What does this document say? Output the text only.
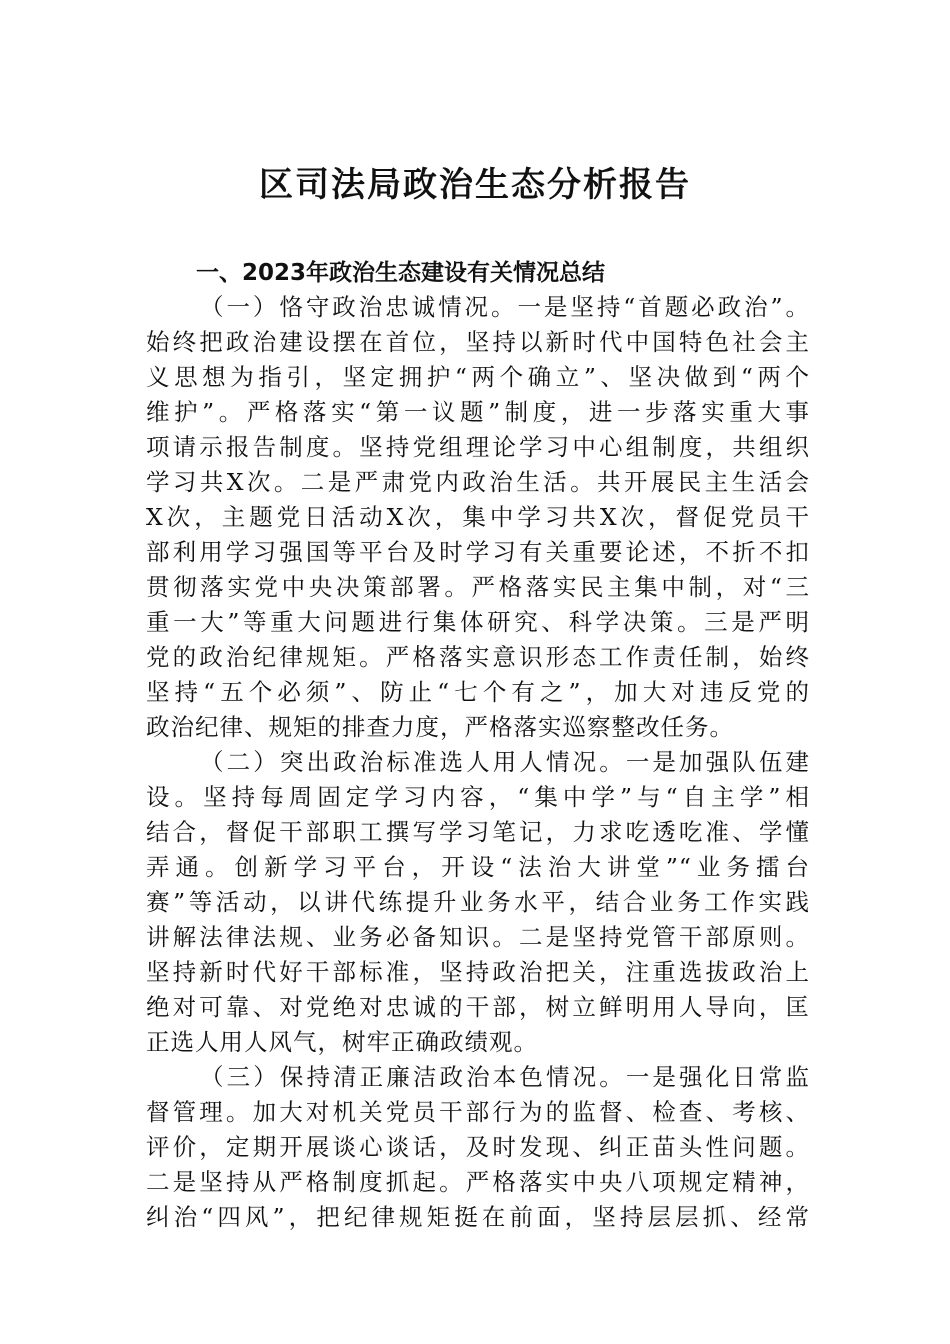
区司法局政治生态分析报告

一、2023年政治生态建设有关情况总结

（一）恪守政治忠诚情况。一是坚持“首题必政治”。

始终把政治建设摆在首位，坚持以新时代中国特色社会主

义思想为指引，坚定拥护“两个确立”、坚决做到“两个

维护”。严格落实“第一议题”制度，进一步落实重大事

项请示报告制度。坚持党组理论学习中心组制度，共组织

学习共X次。二是严肃党内政治生活。共开展民主生活会

X次，主题党日活动X次，集中学习共X次，督促党员干

部利用学习强国等平台及时学习有关重要论述，不折不扣

贯彻落实党中央决策部署。严格落实民主集中制，对“三

重一大”等重大问题进行集体研究、科学决策。三是严明

党的政治纪律规矩。严格落实意识形态工作责任制，始终

坚持“五个必须”、防止“七个有之”，加大对违反党的

政治纪律、规矩的排查力度，严格落实巡察整改任务。

（二）突出政治标准选人用人情况。一是加强队伍建

设。坚持每周固定学习内容，“集中学”与“自主学”相

结合，督促干部职工撰写学习笔记，力求吃透吃准、学懂

弄通。创新学习平台，开设“法治大讲堂”“业务擂台

赛”等活动，以讲代练提升业务水平，结合业务工作实践

讲解法律法规、业务必备知识。二是坚持党管干部原则。

坚持新时代好干部标准，坚持政治把关，注重选拔政治上

绝对可靠、对党绝对忠诚的干部，树立鲜明用人导向，匡

正选人用人风气，树牢正确政绩观。

（三）保持清正廉洁政治本色情况。一是强化日常监

督管理。加大对机关党员干部行为的监督、检查、考核、

评价，定期开展谈心谈话，及时发现、纠正苗头性问题。

二是坚持从严格制度抓起。严格落实中央八项规定精神，

纠治“四风”，把纪律规矩挺在前面，坚持层层抓、经常
